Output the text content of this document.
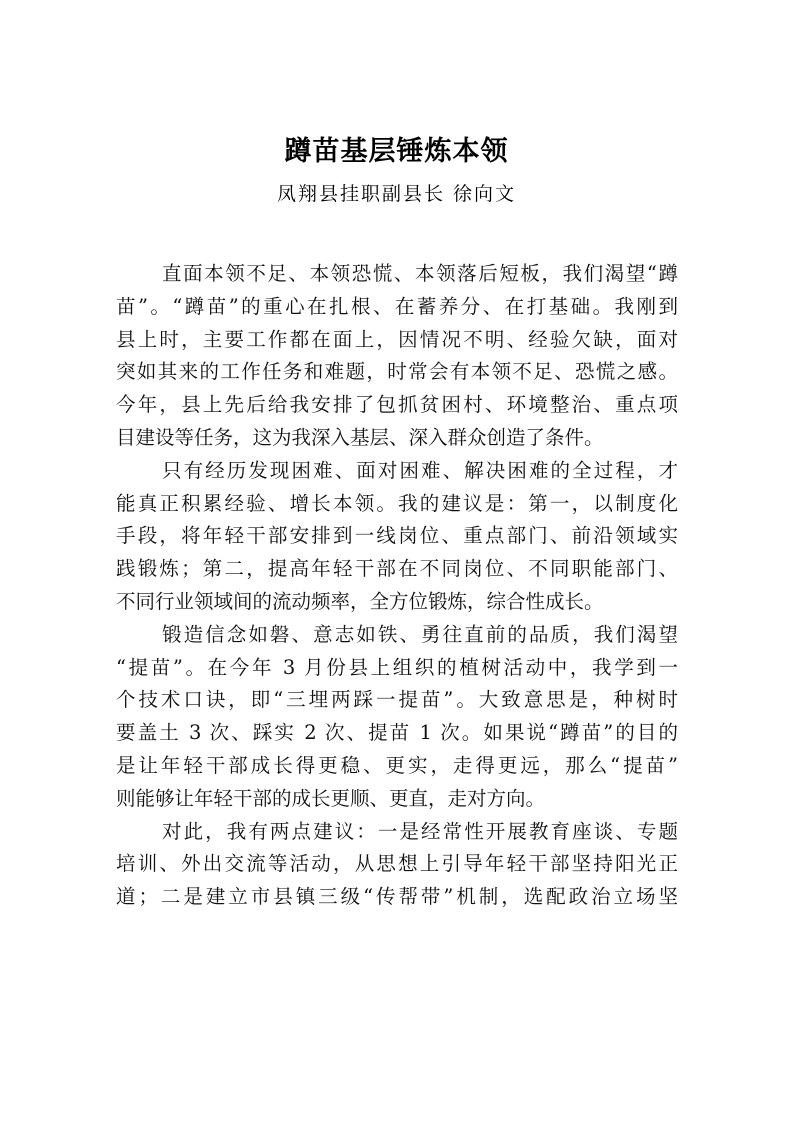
蹲苗基层锤炼本领
凤翔县挂职副县长 徐向文
直面本领不足、本领恐慌、本领落后短板，我们渴望“蹲
苗”。“蹲苗”的重心在扎根、在蓄养分、在打基础。我刚到
县上时，主要工作都在面上，因情况不明、经验欠缺，面对
突如其来的工作任务和难题，时常会有本领不足、恐慌之感。
今年，县上先后给我安排了包抓贫困村、环境整治、重点项
目建设等任务，这为我深入基层、深入群众创造了条件。
只有经历发现困难、面对困难、解决困难的全过程，才
能真正积累经验、增长本领。我的建议是：第一，以制度化
手段，将年轻干部安排到一线岗位、重点部门、前沿领域实
践锻炼；第二，提高年轻干部在不同岗位、不同职能部门、
不同行业领域间的流动频率，全方位锻炼，综合性成长。
锻造信念如磐、意志如铁、勇往直前的品质，我们渴望
“提苗”。在今年 3 月份县上组织的植树活动中，我学到一
个技术口诀，即“三埋两踩一提苗”。大致意思是，种树时
要盖土 3 次、踩实 2 次、提苗 1 次。如果说“蹲苗”的目的
是让年轻干部成长得更稳、更实，走得更远，那么“提苗”
则能够让年轻干部的成长更顺、更直，走对方向。
对此，我有两点建议：一是经常性开展教育座谈、专题
培训、外出交流等活动，从思想上引导年轻干部坚持阳光正
道；二是建立市县镇三级“传帮带”机制，选配政治立场坚
